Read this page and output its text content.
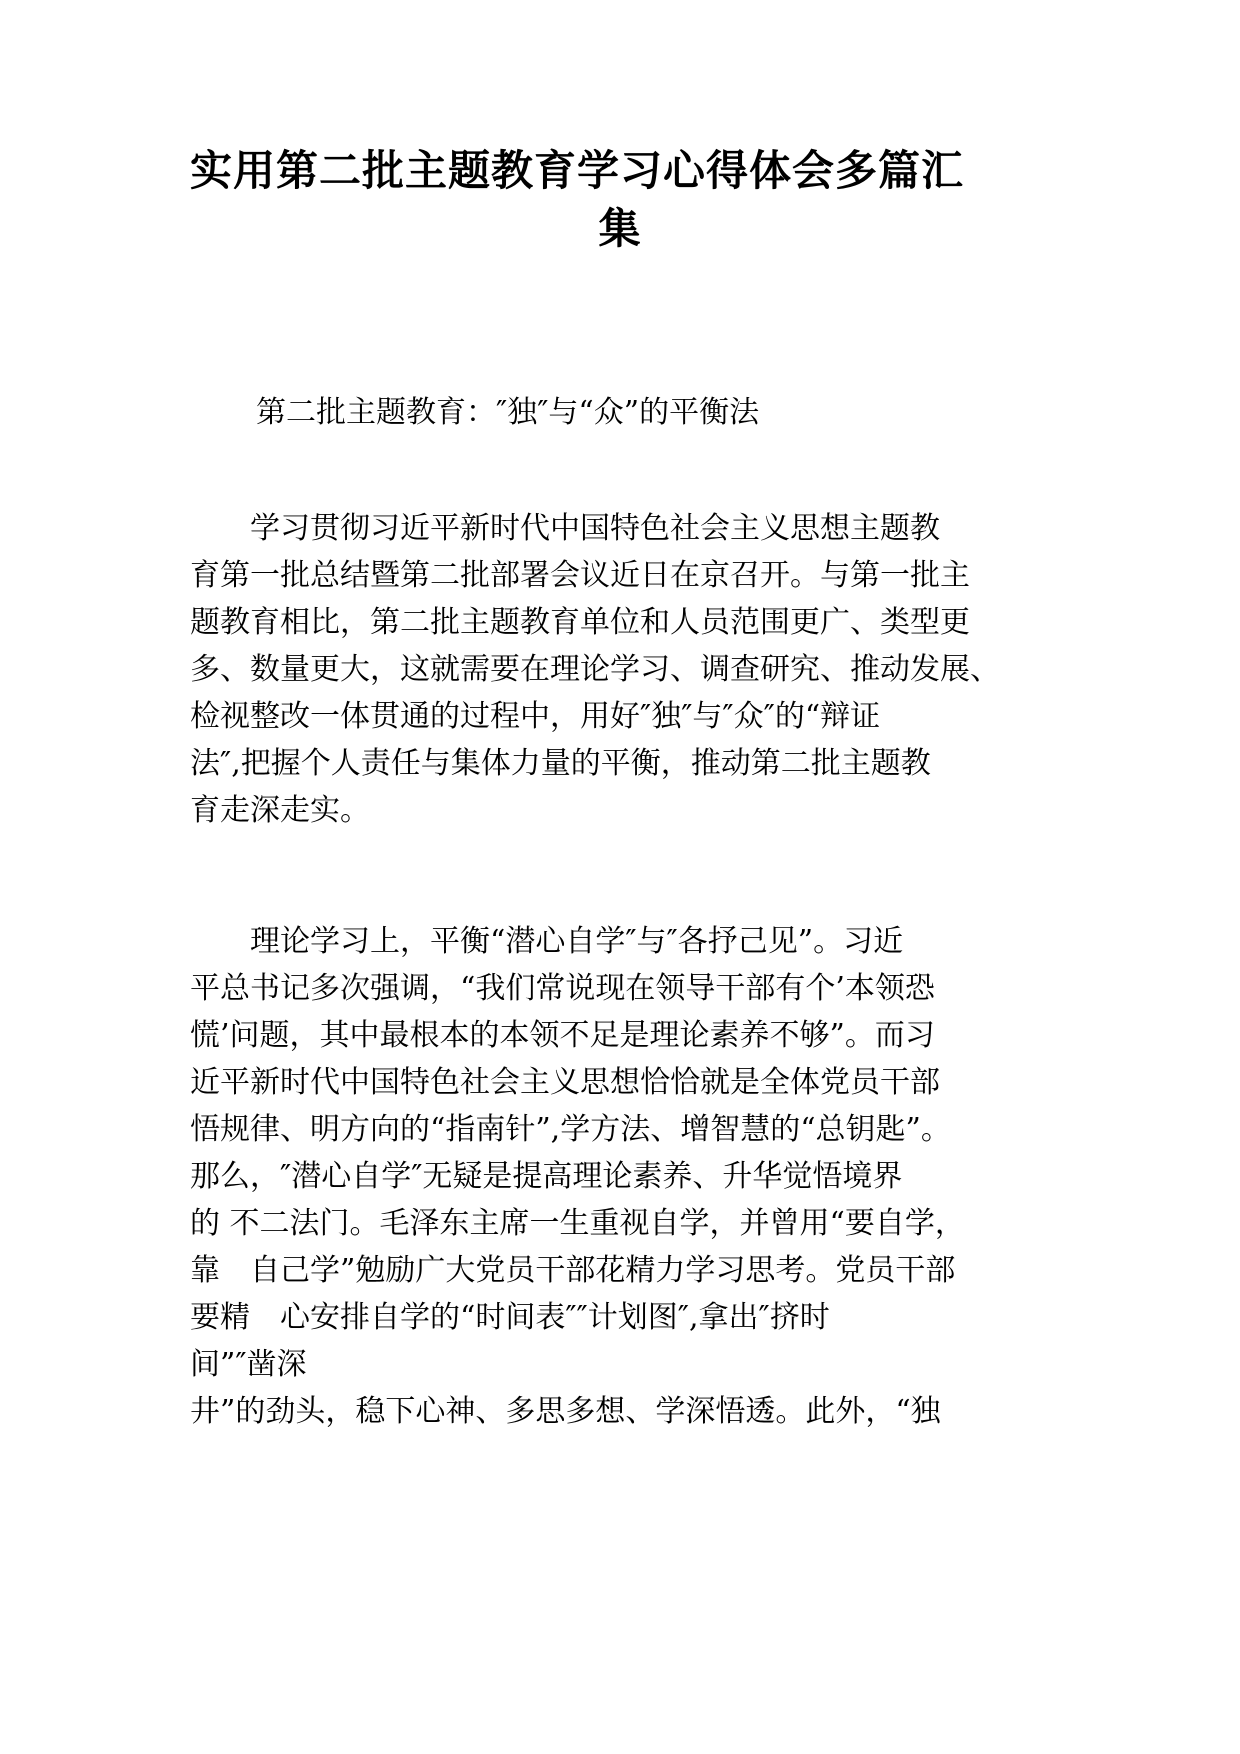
实用第二批主题教育学习心得体会多篇汇
集

第二批主题教育：″独″与“众”的平衡法

　　学习贯彻习近平新时代中国特色社会主义思想主题教
育第一批总结暨第二批部署会议近日在京召开。与第一批主
题教育相比，第二批主题教育单位和人员范围更广、类型更
多、数量更大，这就需要在理论学习、调查研究、推动发展、
检视整改一体贯通的过程中，用好″独″与″众″的“辩证
法″,把握个人责任与集体力量的平衡，推动第二批主题教
育走深走实。
　　理论学习上，平衡“潜心自学″与″各抒己见”。习近
平总书记多次强调，“我们常说现在领导干部有个’本领恐
慌’问题，其中最根本的本领不足是理论素养不够”。而习
近平新时代中国特色社会主义思想恰恰就是全体党员干部
悟规律、明方向的“指南针”,学方法、增智慧的“总钥匙”。
那么，″潜心自学″无疑是提高理论素养、升华觉悟境界
的 不二法门。毛泽东主席一生重视自学，并曾用“要自学，
靠　自己学”勉励广大党员干部花精力学习思考。党员干部
要精　心安排自学的“时间表″″计划图″,拿出″挤时
间”″凿深
井”的劲头，稳下心神、多思多想、学深悟透。此外，“独
